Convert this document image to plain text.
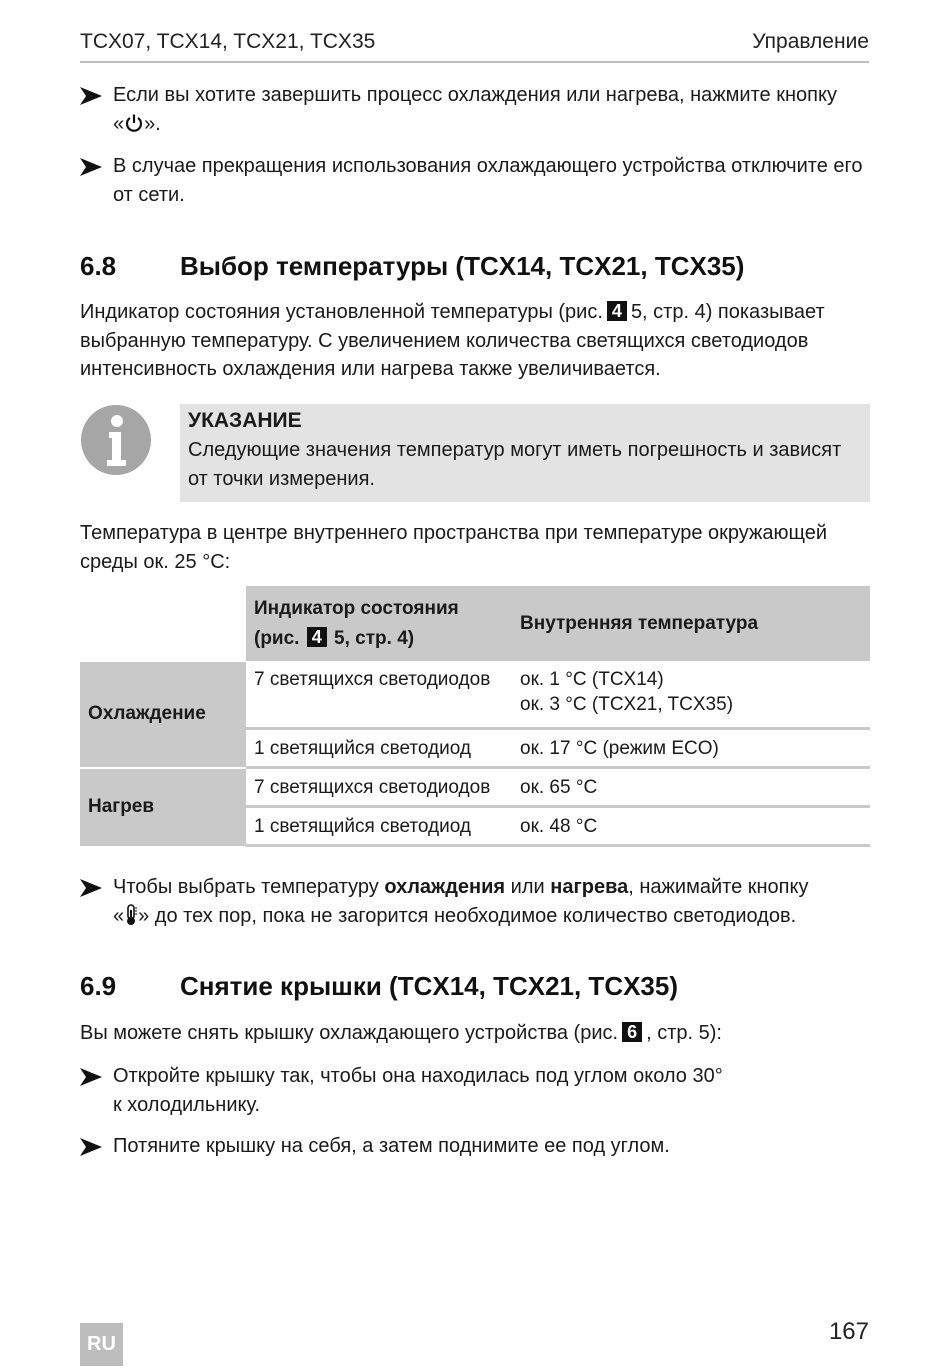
TCX07, TCX14, TCX21, TCX35	Управление
Если вы хотите завершить процесс охлаждения или нагрева, нажмите кнопку
« ».
В случае прекращения использования охлаждающего устройства отключите его от сети.
6.8 Выбор температуры (TCX14, TCX21, TCX35)
Индикатор состояния установленной температуры (рис. 4 5, стр. 4) показывает выбранную температуру. С увеличением количества светящихся светодиодов интенсивность охлаждения или нагрева также увеличивается.
УКАЗАНИЕ
Следующие значения температур могут иметь погрешность и зависят от точки измерения.
Температура в центре внутреннего пространства при температуре окружающей среды ок. 25 °C:
	Индикатор состояния
(рис. 4 5, стр. 4)	Внутренняя температура
Охлаждение	7 светящихся светодиодов	ок. 1 °C (TCX14)
ок. 3 °C (TCX21, TCX35)
	1 светящийся светодиод	ок. 17 °C (режим ECO)
Нагрев	7 светящихся светодиодов	ок. 65 °C
	1 светящийся светодиод	ок. 48 °C
Чтобы выбрать температуру охлаждения или нагрева, нажимайте кнопку
« » до тех пор, пока не загорится необходимое количество светодиодов.
6.9 Снятие крышки (TCX14, TCX21, TCX35)
Вы можете снять крышку охлаждающего устройства (рис. 6 , стр. 5):
Откройте крышку так, чтобы она находилась под углом около 30°
к холодильнику.
Потяните крышку на себя, а затем поднимите ее под углом.
RU	167
